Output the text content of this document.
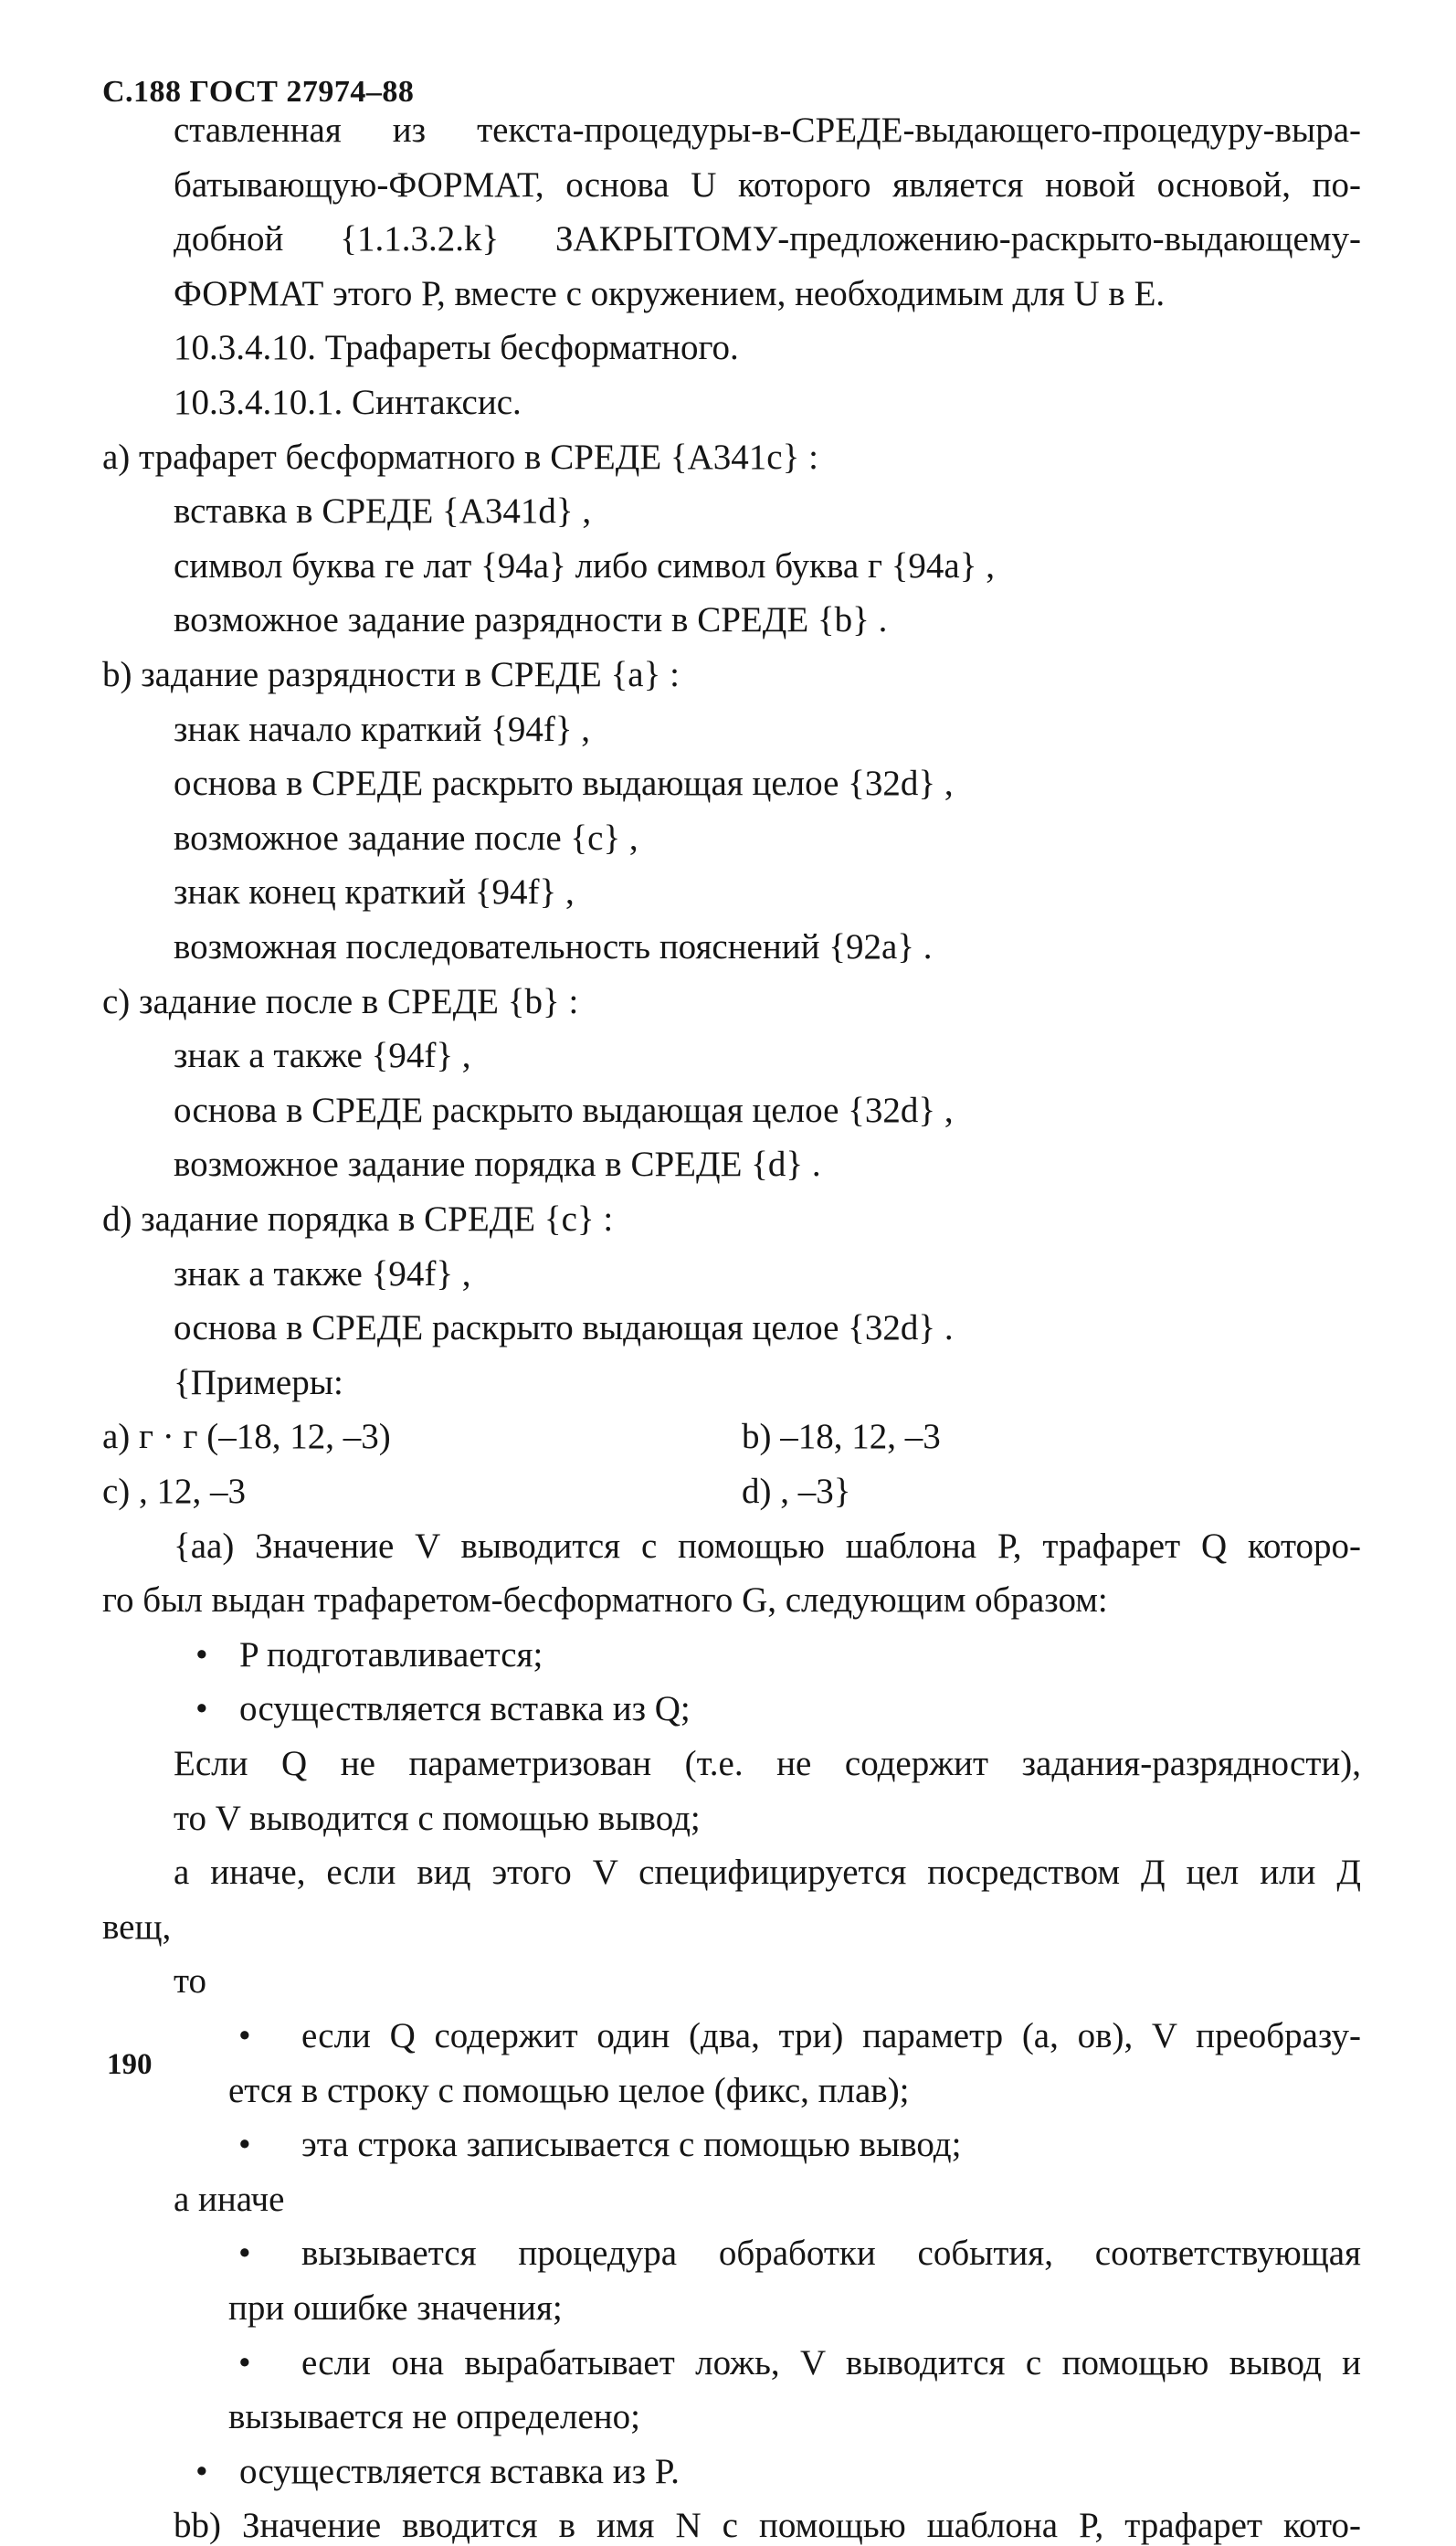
С.188 ГОСТ 27974–88
ставленная из текста-процедуры-в-СРЕДЕ-выдающего-процедуру-выра-
батывающую-ФОРМАТ, основа U которого является новой основой, по-
добной {1.1.3.2.k} ЗАКРЫТОМУ-предложению-раскрыто-выдающему-
ФОРМАТ этого Р, вместе с окружением, необходимым для U в Е.
10.3.4.10. Трафареты бесформатного.
10.3.4.10.1. Синтаксис.
a) трафарет бесформатного в СРЕДЕ {A341c} :
вставка в СРЕДЕ {A341d} ,
символ буква ге лат {94a} либо символ буква г {94a} ,
возможное задание разрядности в СРЕДЕ {b} .
b) задание разрядности в СРЕДЕ {a} :
знак начало краткий {94f} ,
основа в СРЕДЕ раскрыто выдающая целое {32d} ,
возможное задание после {c} ,
знак конец краткий {94f} ,
возможная последовательность пояснений {92a} .
c) задание после в СРЕДЕ {b} :
знак а также {94f} ,
основа в СРЕДЕ раскрыто выдающая целое {32d} ,
возможное задание порядка в СРЕДЕ {d} .
d) задание порядка в СРЕДЕ {c} :
знак а также {94f} ,
основа в СРЕДЕ раскрыто выдающая целое {32d} .
{Примеры:
a) г · г (–18, 12, –3)	b) –18, 12, –3
c) , 12, –3	d) , –3}
{aa) Значение V выводится с помощью шаблона Р, трафарет Q которо-
го был выдан трафаретом-бесформатного G, следующим образом:
• P подготавливается;
• осуществляется вставка из Q;
Если Q не параметризован (т.е. не содержит задания-разрядности),
то V выводится с помощью вывод;
а иначе, если вид этого V специфицируется посредством Д цел или Д
вещ,
то
• если Q содержит один (два, три) параметр (a, ов), V преобразу-
ется в строку с помощью целое (фикс, плав);
• эта строка записывается с помощью вывод;
а иначе
• вызывается процедура обработки события, соответствующая
при ошибке значения;
• если она вырабатывает ложь, V выводится с помощью вывод и
вызывается не определено;
• осуществляется вставка из P.
bb) Значение вводится в имя N с помощью шаблона P, трафарет кото-
190
